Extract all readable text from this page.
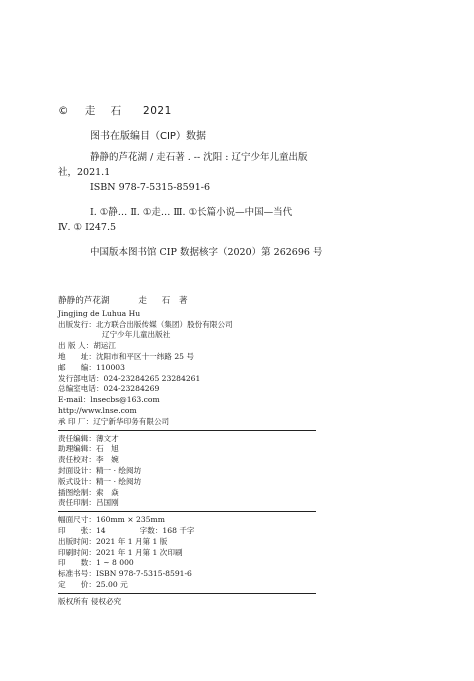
© 走 石 2021
图书在版编目（CIP）数据
静静的芦花湖 / 走石著 . -- 沈阳 : 辽宁少年儿童出版
社，2021.1
ISBN 978-7-5315-8591-6
Ⅰ. ①静… Ⅱ. ①走… Ⅲ. ①长篇小说—中国—当代
Ⅳ. ① I247.5
中国版本图书馆 CIP 数据核字（2020）第 262696 号
静静的芦花湖	走 石 著
Jingjing de Luhua Hu
出版发行：北方联合出版传媒（集团）股份有限公司
辽宁少年儿童出版社
出 版 人：胡运江
地　　址：沈阳市和平区十一纬路 25 号
邮　　编：110003
发行部电话：024-23284265 23284261
总编室电话：024-23284269
E-mail：lnsecbs@163.com
http://www.lnse.com
承 印 厂：辽宁新华印务有限公司
责任编辑：薄文才
助理编辑：石　旭
责任校对：李　婉
封面设计：精一 · 绘阅坊
版式设计：精一 · 绘阅坊
插图绘制：索　焱
责任印制：吕国刚
幅面尺寸：160mm × 235mm
印　　张：14	字数：168 千字
出版时间：2021 年 1 月第 1 版
印刷时间：2021 年 1 月第 1 次印刷
印　　数：1 ~ 8 000
标准书号：ISBN 978-7-5315-8591-6
定　　价：25.00 元
版权所有 侵权必究
